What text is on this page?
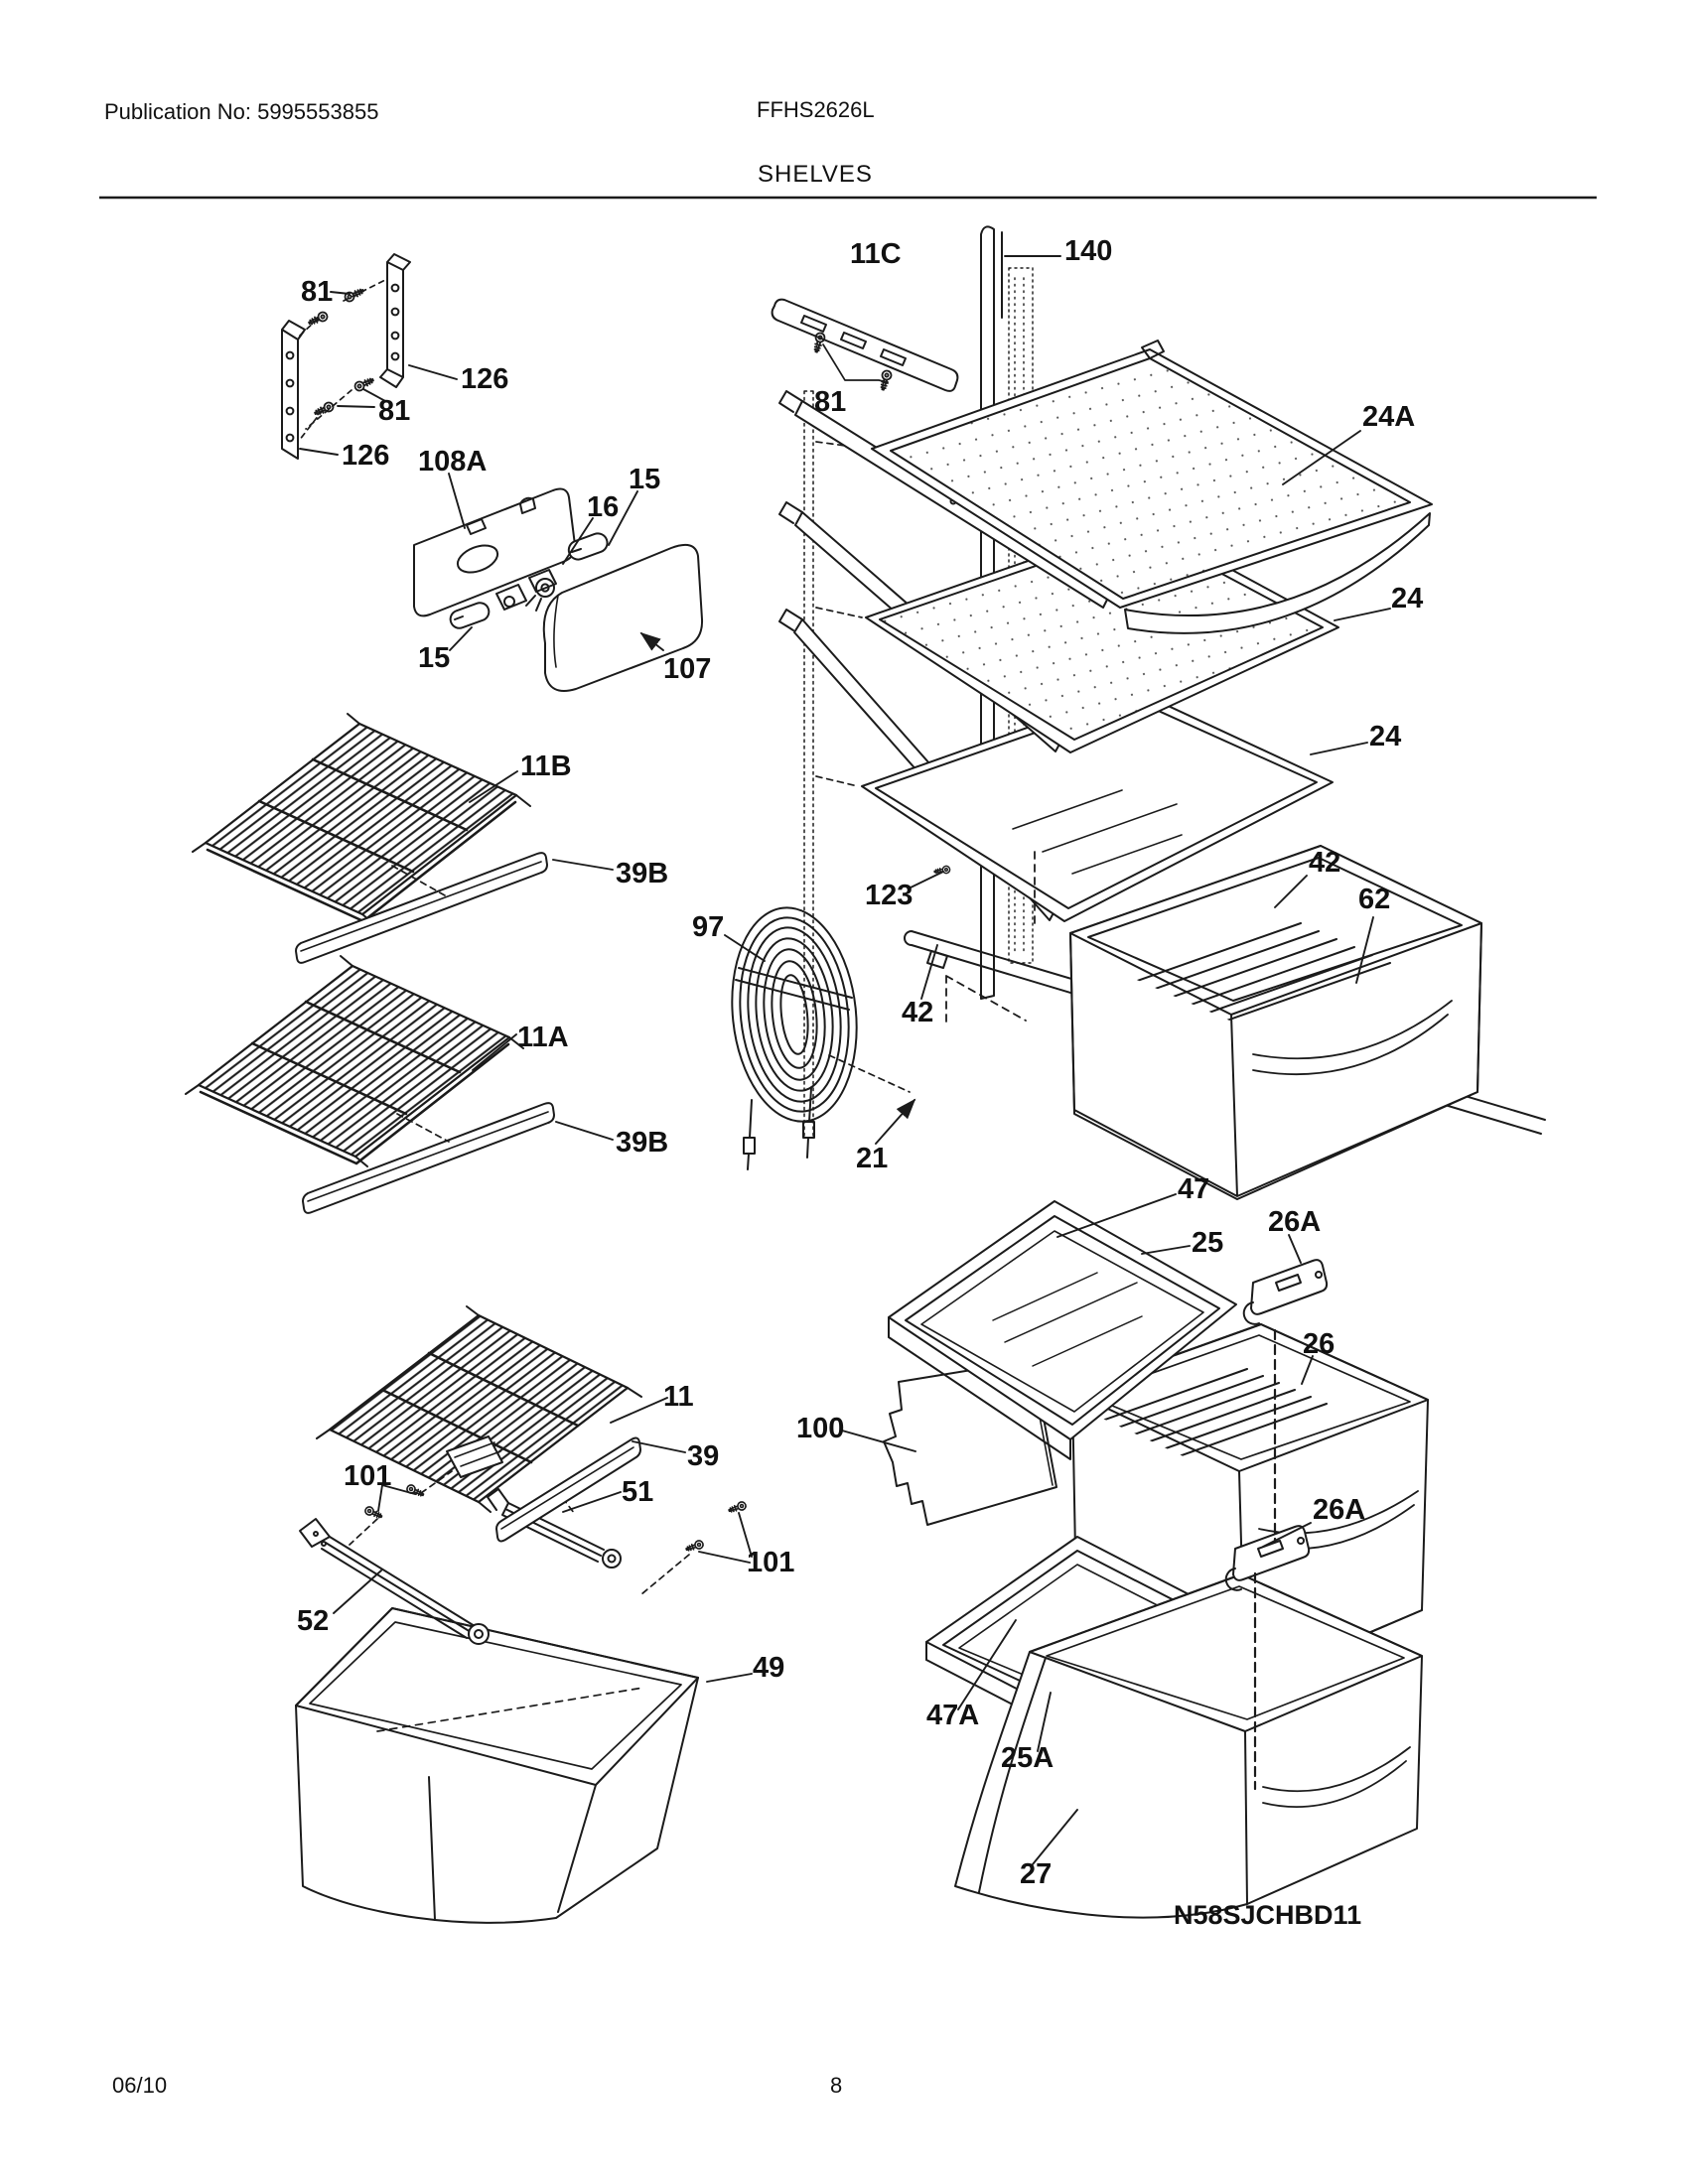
Publication No: 5995553855	FFHS2626L
SHELVES
81
126
81
126 108A
16
15
15	107
11B
39B
11A
39B
97
21
123
42
11C	140
81	24A
24
24
62
42
47
25
26A
26
26A
100
11
39
51
101
101
52
49
47A
25A
27
N58SJCHBD11
06/10	8
